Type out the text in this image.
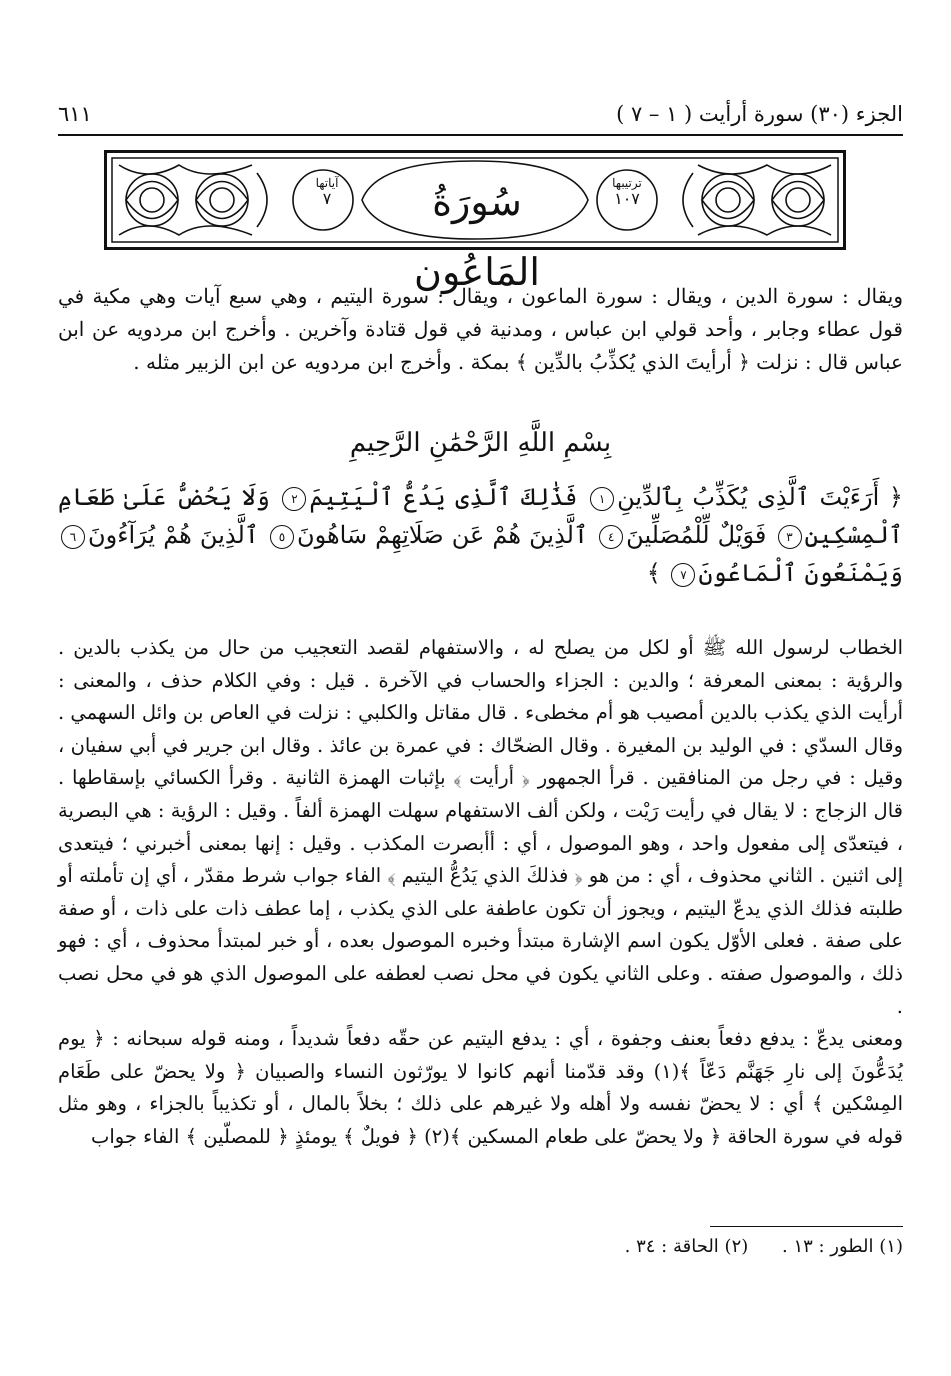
الجزء (٣٠) سورة أرأيت ( ١ – ٧ )
٦١١
آياتها
٧	سُورَةُ المَاعُون
ترتيبها
١٠٧

ويقال : سورة الدين ، ويقال : سورة الماعون ، ويقال : سورة اليتيم ، وهي سبع آيات وهي مكية في قول عطاء وجابر ، وأحد قولي ابن عباس ، ومدنية في قول قتادة وآخرين . وأخرج ابن مردويه عن ابن عباس قال : نزلت ﴿ أرأيتَ الذي يُكذِّبُ بالدِّين ﴾ بمكة . وأخرج ابن مردويه عن ابن الزبير مثله .

بِسْمِ اللَّهِ الرَّحْمَٰنِ الرَّحِيمِ
﴿ أَرَءَيْتَ ٱلَّذِى يُكَذِّبُ بِٱلدِّينِ١ فَذَٰلِكَ ٱلَّذِى يَدُعُّ ٱلْيَتِيمَ٢ وَلَا يَحُضُّ عَلَىٰ طَعَامِ ٱلْمِسْكِينِ٣ فَوَيْلٌ لِّلْمُصَلِّينَ٤ ٱلَّذِينَ هُمْ عَن صَلَاتِهِمْ سَاهُونَ٥ ٱلَّذِينَ هُمْ يُرَآءُونَ٦ وَيَمْنَعُونَ ٱلْمَاعُونَ٧ ﴾

الخطاب لرسول الله ﷺ أو لكل من يصلح له ، والاستفهام لقصد التعجيب من حال من يكذب بالدين . والرؤية : بمعنى المعرفة ؛ والدين : الجزاء والحساب في الآخرة . قيل : وفي الكلام حذف ، والمعنى : أرأيت الذي يكذب بالدين أمصيب هو أم مخطىء . قال مقاتل والكلبي : نزلت في العاص بن وائل السهمي . وقال السدّي : في الوليد بن المغيرة . وقال الضحّاك : في عمرة بن عائذ . وقال ابن جرير في أبي سفيان ، وقيل : في رجل من المنافقين . قرأ الجمهور ﴿ أرأيت ﴾ بإثبات الهمزة الثانية . وقرأ الكسائي بإسقاطها . قال الزجاج : لا يقال في رأيت رَيْت ، ولكن ألف الاستفهام سهلت الهمزة ألفاً . وقيل : الرؤية : هي البصرية ، فيتعدّى إلى مفعول واحد ، وهو الموصول ، أي : أأبصرت المكذب . وقيل : إنها بمعنى أخبرني ؛ فيتعدى إلى اثنين . الثاني محذوف ، أي : من هو ﴿ فذلكَ الذي يَدُعُّ اليتيم ﴾ الفاء جواب شرط مقدّر ، أي إن تأملته أو طلبته فذلك الذي يدعّ اليتيم ، ويجوز أن تكون عاطفة على الذي يكذب ، إما عطف ذات على ذات ، أو صفة على صفة . فعلى الأوّل يكون اسم الإشارة مبتدأ وخبره الموصول بعده ، أو خبر لمبتدأ محذوف ، أي : فهو ذلك ، والموصول صفته . وعلى الثاني يكون في محل نصب لعطفه على الموصول الذي هو في محل نصب .

ومعنى يدعّ : يدفع دفعاً بعنف وجفوة ، أي : يدفع اليتيم عن حقّه دفعاً شديداً ، ومنه قوله سبحانه : ﴿ يوم يُدَعُّونَ إلى نارِ جَهَنَّم دَعّاً ﴾(١) وقد قدّمنا أنهم كانوا لا يورّثون النساء والصبيان ﴿ ولا يحضّ على طَعَام المِسْكين ﴾ أي : لا يحضّ نفسه ولا أهله ولا غيرهم على ذلك ؛ بخلاً بالمال ، أو تكذيباً بالجزاء ، وهو مثل قوله في سورة الحاقة ﴿ ولا يحضّ على طعام المسكين ﴾(٢) ﴿ فويلٌ ﴾ يومئذٍ ﴿ للمصلّين ﴾ الفاء جواب

(١) الطور : ١٣ . (٢) الحاقة : ٣٤ .
